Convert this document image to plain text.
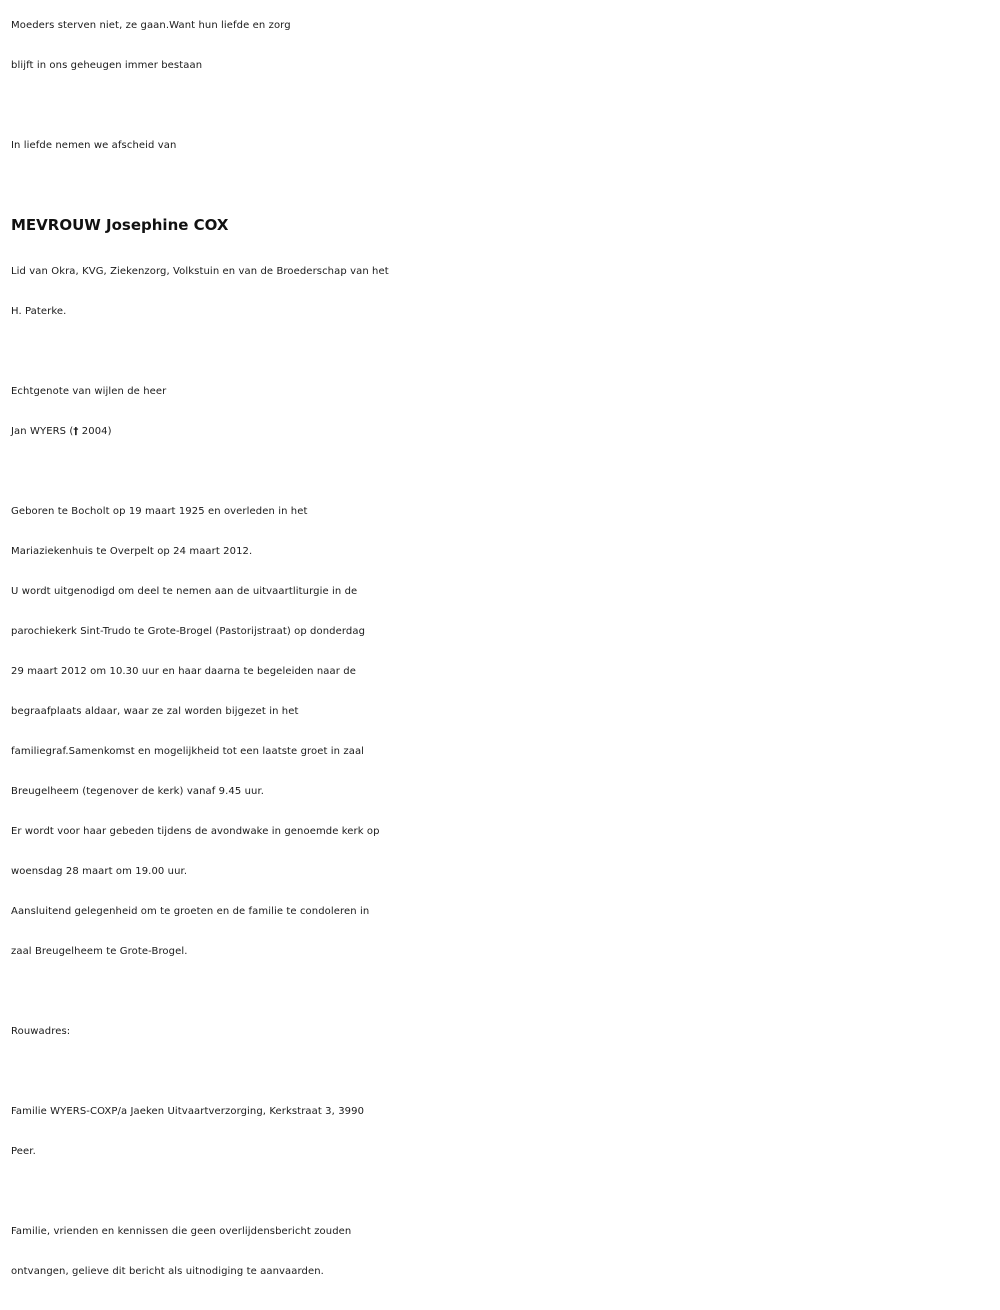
Moeders sterven niet, ze gaan.Want hun liefde en zorg
blijft in ons geheugen immer bestaan
In liefde nemen we afscheid van
MEVROUW Josephine COX
Lid van Okra, KVG, Ziekenzorg, Volkstuin en van de Broederschap van het
H. Paterke.
Echtgenote van wijlen de heer
Jan WYERS († 2004)
Geboren te Bocholt op 19 maart 1925 en overleden in het
Mariaziekenhuis te Overpelt op 24 maart 2012.
U wordt uitgenodigd om deel te nemen aan de uitvaartliturgie in de
parochiekerk Sint-Trudo te Grote-Brogel (Pastorijstraat) op donderdag
29 maart 2012 om 10.30 uur en haar daarna te begeleiden naar de
begraafplaats aldaar, waar ze zal worden bijgezet in het
familiegraf.Samenkomst en mogelijkheid tot een laatste groet in zaal
Breugelheem (tegenover de kerk) vanaf 9.45 uur.
Er wordt voor haar gebeden tijdens de avondwake in genoemde kerk op
woensdag 28 maart om 19.00 uur.
Aansluitend gelegenheid om te groeten en de familie te condoleren in
zaal Breugelheem te Grote-Brogel.
Rouwadres:
Familie WYERS-COXP/a Jaeken Uitvaartverzorging, Kerkstraat 3, 3990
Peer.
Familie, vrienden en kennissen die geen overlijdensbericht zouden
ontvangen, gelieve dit bericht als uitnodiging te aanvaarden.
